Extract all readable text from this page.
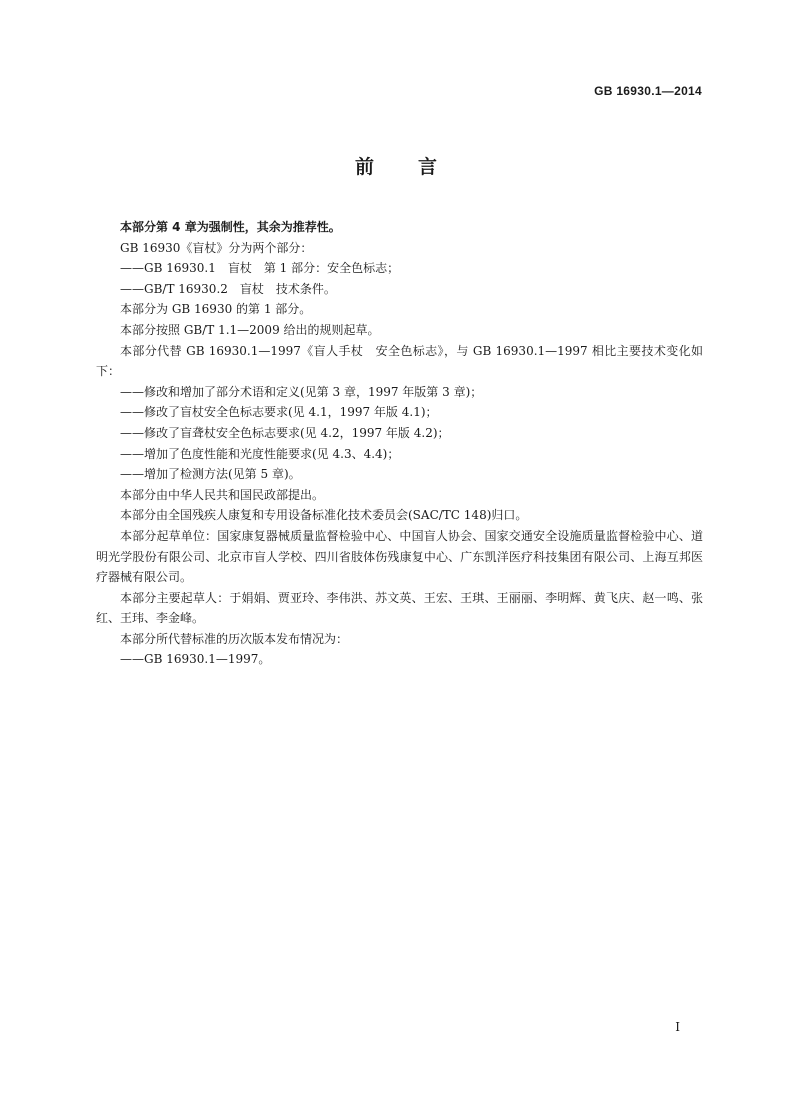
GB 16930.1—2014
前言

本部分第 4 章为强制性，其余为推荐性。

GB 16930《盲杖》分为两个部分：

——GB 16930.1　盲杖　第 1 部分：安全色标志；

——GB/T 16930.2　盲杖　技术条件。

本部分为 GB 16930 的第 1 部分。

本部分按照 GB/T 1.1—2009 给出的规则起草。

本部分代替 GB 16930.1—1997《盲人手杖　安全色标志》，与 GB 16930.1—1997 相比主要技术变化如下：

——修改和增加了部分术语和定义(见第 3 章，1997 年版第 3 章)；

——修改了盲杖安全色标志要求(见 4.1，1997 年版 4.1)；

——修改了盲聋杖安全色标志要求(见 4.2，1997 年版 4.2)；

——增加了色度性能和光度性能要求(见 4.3、4.4)；

——增加了检测方法(见第 5 章)。

本部分由中华人民共和国民政部提出。

本部分由全国残疾人康复和专用设备标准化技术委员会(SAC/TC 148)归口。

本部分起草单位：国家康复器械质量监督检验中心、中国盲人协会、国家交通安全设施质量监督检验中心、道明光学股份有限公司、北京市盲人学校、四川省肢体伤残康复中心、广东凯洋医疗科技集团有限公司、上海互邦医疗器械有限公司。

本部分主要起草人：于娟娟、贾亚玲、李伟洪、苏文英、王宏、王琪、王丽丽、李明辉、黄飞庆、赵一鸣、张红、王玮、李金峰。

本部分所代替标准的历次版本发布情况为：

——GB 16930.1—1997。

I
